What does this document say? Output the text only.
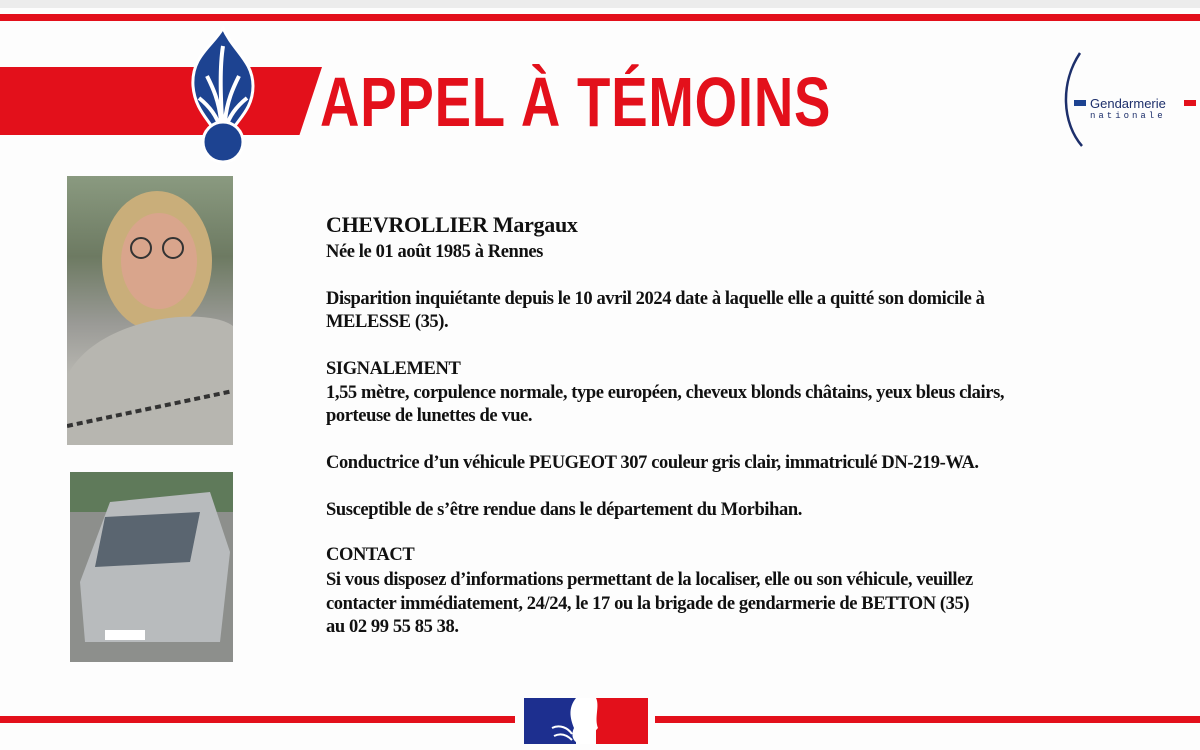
APPEL À TÉMOINS	Gendarmerie
nationale
CHEVROLLIER Margaux
Née le 01 août 1985 à Rennes
Disparition inquiétante depuis le 10 avril 2024 date à laquelle elle a quitté son domicile à
MELESSE (35).
SIGNALEMENT
1,55 mètre, corpulence normale, type européen, cheveux blonds châtains, yeux bleus clairs,
porteuse de lunettes de vue.
Conductrice d’un véhicule PEUGEOT 307 couleur gris clair, immatriculé DN-219-WA.
Susceptible de s’être rendue dans le département du Morbihan.
CONTACT
Si vous disposez d’informations permettant de la localiser, elle ou son véhicule, veuillez
contacter immédiatement, 24/24, le 17 ou la brigade de gendarmerie de BETTON (35)
au 02 99 55 85 38.
